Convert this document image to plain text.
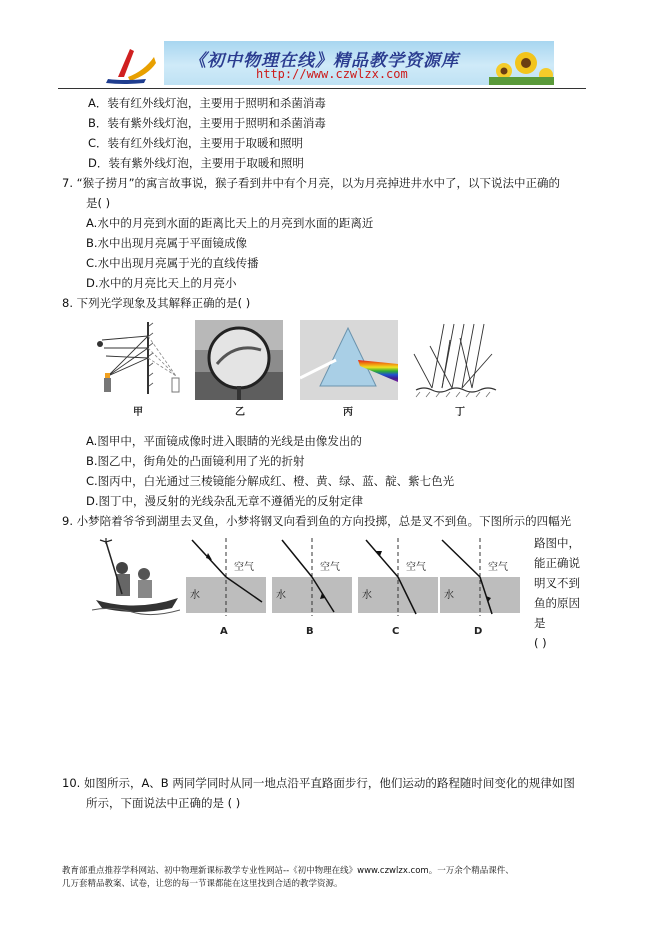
《初中物理在线》精品教学资源库
http://www.czwlzx.com
A．装有红外线灯泡，主要用于照明和杀菌消毒
B．装有紫外线灯泡，主要用于照明和杀菌消毒
C．装有红外线灯泡，主要用于取暖和照明
D．装有紫外线灯泡，主要用于取暖和照明
7. “猴子捞月”的寓言故事说，猴子看到井中有个月亮，以为月亮掉进井水中了，以下说法中正确的
是( )
A.水中的月亮到水面的距离比天上的月亮到水面的距离近
B.水中出现月亮属于平面镜成像
C.水中出现月亮属于光的直线传播
D.水中的月亮比天上的月亮小
8. 下列光学现象及其解释正确的是( )
甲	乙	丙	丁
A.图甲中，平面镜成像时进入眼睛的光线是由像发出的
B.图乙中，街角处的凸面镜利用了光的折射
C.图丙中，白光通过三棱镜能分解成红、橙、黄、绿、蓝、靛、紫七色光
D.图丁中，漫反射的光线杂乱无章不遵循光的反射定律
9. 小梦陪着爷爷到湖里去叉鱼，小梦将钢叉向看到鱼的方向投掷，总是叉不到鱼。下图所示的四幅光
空气
水
A
空气
水
B
空气
水
C
空气
水
D
路图中，
能正确说
明叉不到
鱼的原因
是
( )
10. 如图所示，A、B 两同学同时从同一地点沿平直路面步行，他们运动的路程随时间变化的规律如图
所示，下面说法中正确的是 ( )
教育部重点推荐学科网站、初中物理新课标教学专业性网站--《初中物理在线》www.czwlzx.com。一万余个精品课件、
几万套精品教案、试卷，让您的每一节课都能在这里找到合适的教学资源。
